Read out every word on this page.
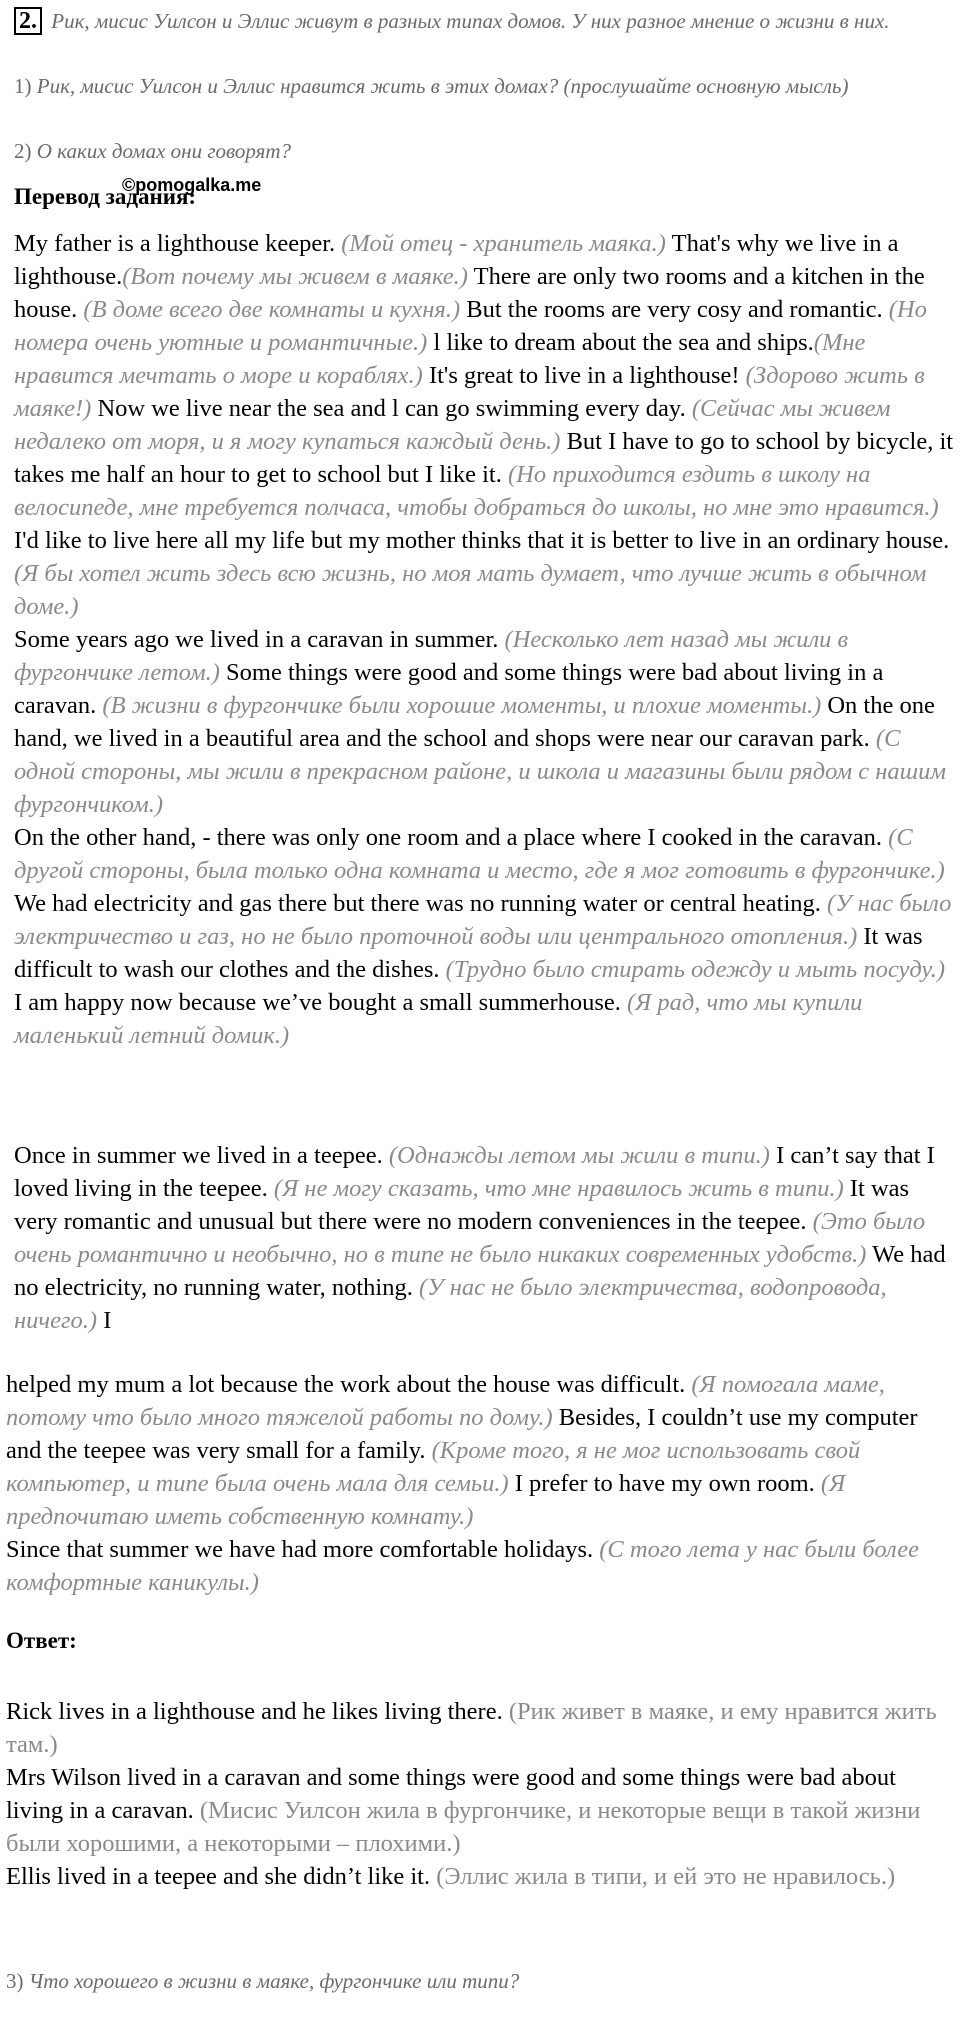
2. Рик, мисис Уилсон и Эллис живут в разных типах домов. У них разное мнение о жизни в них.
1) Рик, мисис Уилсон и Эллис нравится жить в этих домах? (прослушайте основную мысль)
2) О каких домах они говорят?
Перевод задания:
©pomogalka.me
My father is a lighthouse keeper. (Мой отец - хранитель маяка.) That's why we live in a lighthouse.(Вот почему мы живем в маяке.) There are only two rooms and a kitchen in the house. (В доме всего две комнаты и кухня.) But the rooms are very cosy and romantic. (Но номера очень уютные и романтичные.) l like to dream about the sea and ships.(Мне нравится мечтать о море и кораблях.) It's great to live in a lighthouse! (Здорово жить в маяке!) Now we live near the sea and l can go swimming every day. (Сейчас мы живем недалеко от моря, и я могу купаться каждый день.) But I have to go to school by bicycle, it takes me half an hour to get to school but I like it. (Но приходится ездить в школу на велосипеде, мне требуется полчаса, чтобы добраться до школы, но мне это нравится.) I'd like to live here all my life but my mother thinks that it is better to live in an ordinary house. (Я бы хотел жить здесь всю жизнь, но моя мать думает, что лучше жить в обычном доме.)
Some years ago we lived in a caravan in summer. (Несколько лет назад мы жили в фургончике летом.) Some things were good and some things were bad about living in a caravan. (В жизни в фургончике были хорошие моменты, и плохие моменты.) On the one hand, we lived in a beautiful area and the school and shops were near our caravan park. (С одной стороны, мы жили в прекрасном районе, и школа и магазины были рядом с нашим фургончиком.)
On the other hand, - there was only one room and a place where I cooked in the caravan. (С другой стороны, была только одна комната и место, где я мог готовить в фургончике.) We had electricity and gas there but there was no running water or central heating. (У нас было электричество и газ, но не было проточной воды или центрального отопления.) It was difficult to wash our clothes and the dishes. (Трудно было стирать одежду и мыть посуду.) I am happy now because we’ve bought a small summerhouse. (Я рад, что мы купили маленький летний домик.)
Once in summer we lived in a teepee. (Однажды летом мы жили в типи.) I can’t say that I loved living in the teepee. (Я не могу сказать, что мне нравилось жить в типи.) It was very romantic and unusual but there were no modern conveniences in the teepee. (Это было очень романтично и необычно, но в типе не было никаких современных удобств.) We had no electricity, no running water, nothing. (У нас не было электричества, водопровода, ничего.) I
helped my mum a lot because the work about the house was difficult. (Я помогала маме, потому что было много тяжелой работы по дому.) Besides, I couldn’t use my computer and the teepee was very small for a family. (Кроме того, я не мог использовать свой компьютер, и типе была очень мала для семьи.) I prefer to have my own room. (Я предпочитаю иметь собственную комнату.)
Since that summer we have had more comfortable holidays. (С того лета у нас были более комфортные каникулы.)
Ответ:
Rick lives in a lighthouse and he likes living there. (Рик живет в маяке, и ему нравится жить там.)
Mrs Wilson lived in a caravan and some things were good and some things were bad about living in a caravan. (Мисис Уилсон жила в фургончике, и некоторые вещи в такой жизни были хорошими, а некоторыми – плохими.)
Ellis lived in a teepee and she didn’t like it. (Эллис жила в типи, и ей это не нравилось.)
3) Что хорошего в жизни в маяке, фургончике или типи?
